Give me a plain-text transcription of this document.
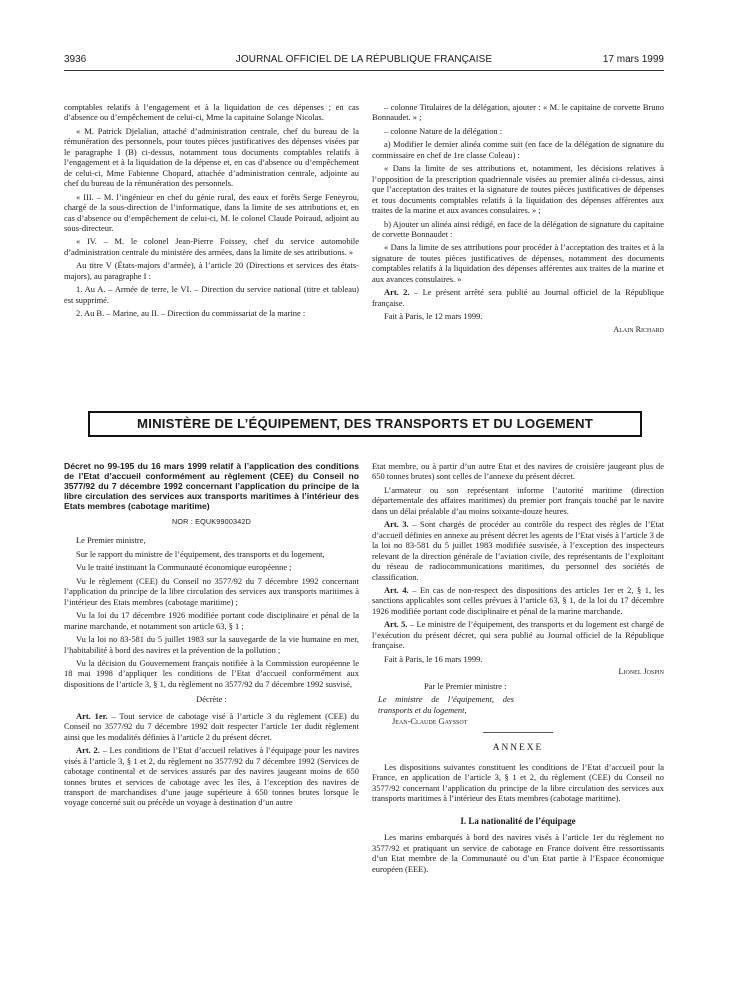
3936	JOURNAL OFFICIEL DE LA RÉPUBLIQUE FRANÇAISE	17 mars 1999

comptables relatifs à l’engagement et à la liquidation de ces dépenses ; en cas d’absence ou d’empêchement de celui-ci, Mme la capitaine Solange Nicolas.

« M. Patrick Djelalian, attaché d’administration centrale, chef du bureau de la rémunération des personnels, pour toutes pièces justificatives des dépenses visées par le paragraphe I (B) ci-dessus, notamment tous documents comptables relatifs à l’engagement et à la liquidation de la dépense et, en cas d’absence ou d’empêchement de celui-ci, Mme Fabienne Chopard, attachée d’administration centrale, adjointe au chef du bureau de la rémunération des personnels.

« III. – M. l’ingénieur en chef du génie rural, des eaux et forêts Serge Feneyrou, chargé de la sous-direction de l’informatique, dans la limite de ses attributions et, en cas d’absence ou d’empêchement de celui-ci, M. le colonel Claude Poiraud, adjoint au sous-directeur.

« IV. – M. le colonel Jean-Pierre Foissey, chef du service automobile d’administration centrale du ministère des armées, dans la limite de ses attributions. »

Au titre V (États-majors d’armée), à l’article 20 (Directions et services des états-majors), au paragraphe I :

1. Au A. – Armée de terre, le VI. – Direction du service national (titre et tableau) est supprimé.

2. Au B. – Marine, au II. – Direction du commissariat de la marine :

– colonne Titulaires de la délégation, ajouter : « M. le capitaine de corvette Bruno Bonnaudet. » ;

– colonne Nature de la délégation :

a) Modifier le dernier alinéa comme suit (en face de la délégation de signature du commissaire en chef de 1re classe Coleau) :

« Dans la limite de ses attributions et, notamment, les décisions relatives à l’opposition de la prescription quadriennale visées au premier alinéa ci-dessus, ainsi que l’acceptation des traites et la signature de toutes pièces justificatives de dépenses et tous documents comptables relatifs à la liquidation des dépenses afférentes aux traites de la marine et aux avances consulaires. » ;

b) Ajouter un alinéa ainsi rédigé, en face de la délégation de signature du capitaine de corvette Bonnaudet :

« Dans la limite de ses attributions pour procéder à l’acceptation des traites et à la signature de toutes pièces justificatives de dépenses, notamment des documents comptables relatifs à la liquidation des dépenses afférentes aux traites de la marine et aux avances consulaires. »

Art. 2. – Le présent arrêté sera publié au Journal officiel de la République française.

Fait à Paris, le 12 mars 1999.

Alain Richard
MINISTÈRE DE L’ÉQUIPEMENT, DES TRANSPORTS ET DU LOGEMENT
Décret no 99-195 du 16 mars 1999 relatif à l’application des conditions de l’Etat d’accueil conformément au règlement (CEE) du Conseil no 3577/92 du 7 décembre 1992 concernant l’application du principe de la libre circulation des services aux transports maritimes à l’intérieur des Etats membres (cabotage maritime)
NOR : EQUK9900342D

Le Premier ministre,

Sur le rapport du ministre de l’équipement, des transports et du logement,

Vu le traité instituant la Communauté économique européenne ;

Vu le règlement (CEE) du Conseil no 3577/92 du 7 décembre 1992 concernant l’application du principe de la libre circulation des services aux transports maritimes à l’intérieur des Etats membres (cabotage maritime) ;

Vu la loi du 17 décembre 1926 modifiée portant code disciplinaire et pénal de la marine marchande, et notamment son article 63, § 1 ;

Vu la loi no 83-581 du 5 juillet 1983 sur la sauvegarde de la vie humaine en mer, l’habitabilité à bord des navires et la prévention de la pollution ;

Vu la décision du Gouvernement français notifiée à la Commission européenne le 18 mai 1998 d’appliquer les conditions de l’Etat d’accueil conformément aux dispositions de l’article 3, § 1, du règlement no 3577/92 du 7 décembre 1992 susvisé,

Décrète :

Art. 1er. – Tout service de cabotage visé à l’article 3 du règlement (CEE) du Conseil no 3577/92 du 7 décembre 1992 doit respecter l’article 1er dudit règlement ainsi que les modalités définies à l’article 2 du présent décret.

Art. 2. – Les conditions de l’Etat d’accueil relatives à l’équipage pour les navires visés à l’article 3, § 1 et 2, du règlement no 3577/92 du 7 décembre 1992 (Services de cabotage continental et de services assurés par des navires jaugeant moins de 650 tonnes brutes et services de cabotage avec les îles, à l’exception des navires de transport de marchandises d’une jauge supérieure à 650 tonnes brutes lorsque le voyage concerné suit ou précède un voyage à destination d’un autre

Etat membre, ou à partir d’un autre Etat et des navires de croisière jaugeant plus de 650 tonnes brutes) sont celles de l’annexe du présent décret.

L’armateur ou son représentant informe l’autorité maritime (direction départementale des affaires maritimes) du premier port français touché par le navire dans un délai préalable d’au moins soixante-douze heures.

Art. 3. – Sont chargés de procéder au contrôle du respect des règles de l’Etat d’accueil définies en annexe au présent décret les agents de l’Etat visés à l’article 3 de la loi no 83-581 du 5 juillet 1983 modifiée susvisée, à l’exception des inspecteurs relevant de la direction générale de l’aviation civile, des représentants de l’exploitant du réseau de radiocommunications maritimes, du personnel des sociétés de classification.

Art. 4. – En cas de non-respect des dispositions des articles 1er et 2, § 1, les sanctions applicables sont celles prévues à l’article 63, § 1, de la loi du 17 décembre 1926 modifiée portant code disciplinaire et pénal de la marine marchande.

Art. 5. – Le ministre de l’équipement, des transports et du logement est chargé de l’exécution du présent décret, qui sera publié au Journal officiel de la République française.

Fait à Paris, le 16 mars 1999.

Lionel Jospin

Par le Premier ministre :

Le ministre de l’équipement, des transports et du logement,

Jean-Claude Gayssot

ANNEXE

Les dispositions suivantes constituent les conditions de l’Etat d’accueil pour la France, en application de l’article 3, § 1 et 2, du règlement (CEE) du Conseil no 3577/92 concernant l’application du principe de la libre circulation des services aux transports maritimes à l’intérieur des Etats membres (cabotage maritime).

I. La nationalité de l’équipage

Les marins embarqués à bord des navires visés à l’article 1er du règlement no 3577/92 et pratiquant un service de cabotage en France doivent être ressortissants d’un Etat membre de la Communauté ou d’un Etat partie à l’Espace économique européen (EEE).
